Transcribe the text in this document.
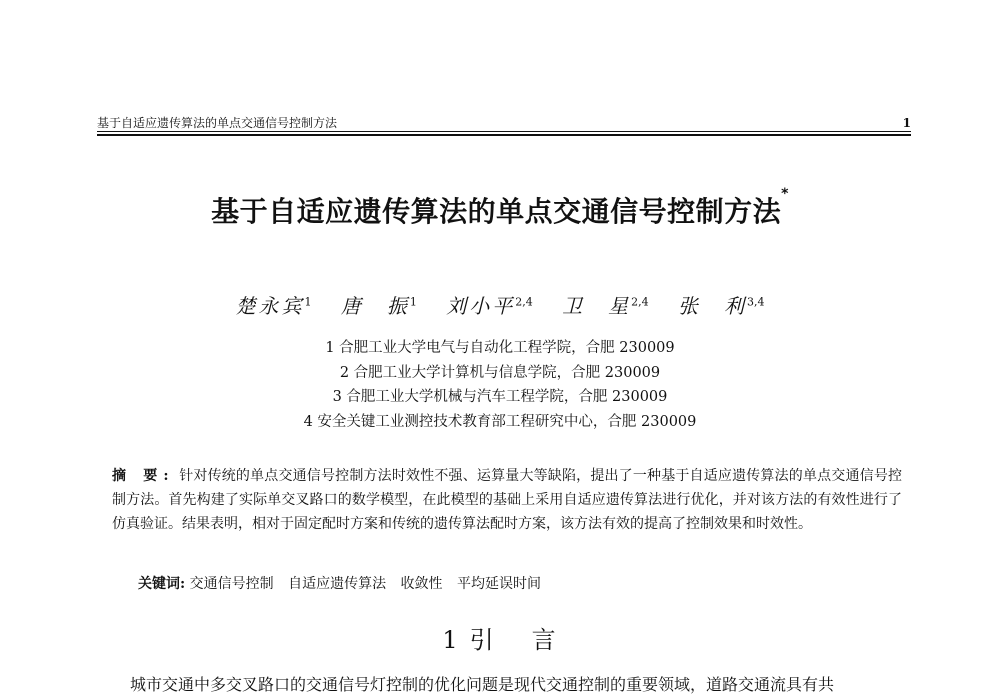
基于自适应遗传算法的单点交通信号控制方法	1
基于自适应遗传算法的单点交通信号控制方法*
楚永宾$^1$ 唐　振$^1$ 刘小平$^{2,4}$ 卫　星$^{2,4}$ 张　利$^{3,4}$
1 合肥工业大学电气与自动化工程学院，合肥 230009
2 合肥工业大学计算机与信息学院，合肥 230009
3 合肥工业大学机械与汽车工程学院，合肥 230009
4 安全关键工业测控技术教育部工程研究中心，合肥 230009
摘 要: 针对传统的单点交通信号控制方法时效性不强、运算量大等缺陷，提出了一种基于自适应遗传算法的单点交通信号控制方法。首先构建了实际单交叉路口的数学模型，在此模型的基础上采用自适应遗传算法进行优化，并对该方法的有效性进行了仿真验证。结果表明，相对于固定配时方案和传统的遗传算法配时方案，该方法有效的提高了控制效果和时效性。
关键词: 交通信号控制 自适应遗传算法 收敛性 平均延误时间
1 引 言
城市交通中多交叉路口的交通信号灯控制的优化问题是现代交通控制的重要领域，道路交通流具有共
